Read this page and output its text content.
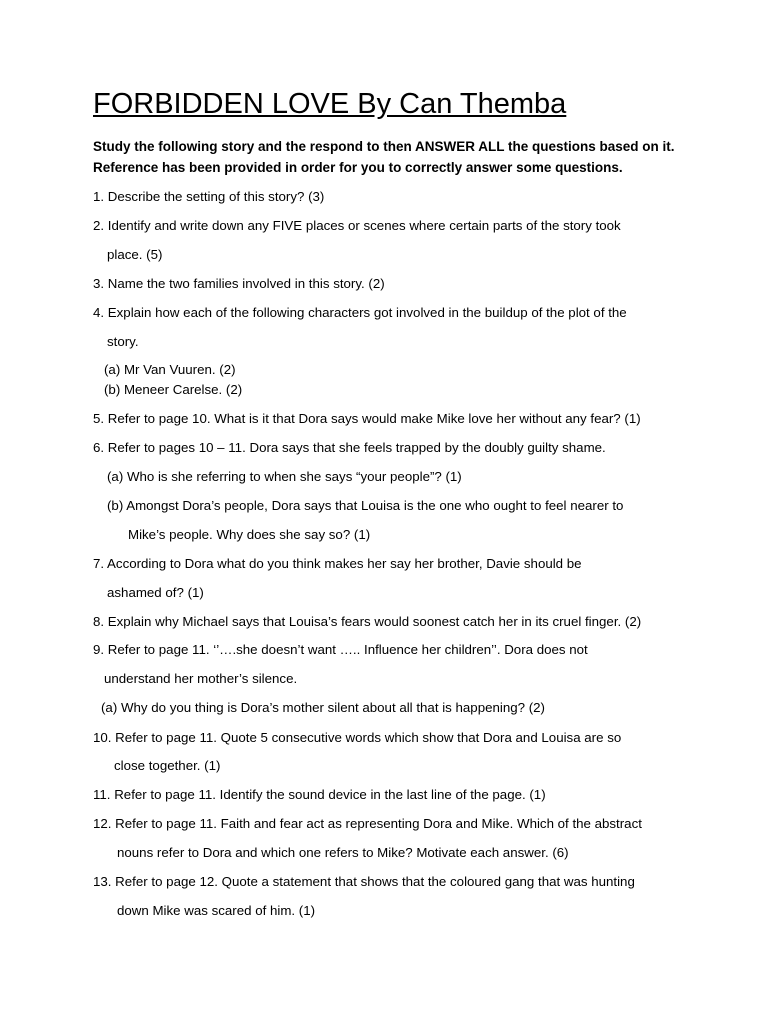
FORBIDDEN LOVE By Can Themba
Study the following story and the respond to then ANSWER ALL the questions based on it.
Reference has been provided in order for you to correctly answer some questions.
1. Describe the setting of this story? (3)
2. Identify and write down any FIVE places or scenes where certain parts of the story took
place. (5)
3. Name the two families involved in this story. (2)
4. Explain how each of the following characters got involved in the buildup of the plot of the
story.
(a) Mr Van Vuuren. (2)
(b) Meneer Carelse. (2)
5. Refer to page 10. What is it that Dora says would make Mike love her without any fear? (1)
6. Refer to pages 10 – 11. Dora says that she feels trapped by the doubly guilty shame.
(a) Who is she referring to when she says “your people”? (1)
(b) Amongst Dora’s people, Dora says that Louisa is the one who ought to feel nearer to
Mike’s people. Why does she say so? (1)
7. According to Dora what do you think makes her say her brother, Davie should be
ashamed of? (1)
8. Explain why Michael says that Louisa’s fears would soonest catch her in its cruel finger. (2)
9. Refer to page 11. ‘’….she doesn’t want ….. Influence her children’’. Dora does not
understand her mother’s silence.
(a) Why do you thing is Dora’s mother silent about all that is happening? (2)
10. Refer to page 11. Quote 5 consecutive words which show that Dora and Louisa are so
close together. (1)
11. Refer to page 11. Identify the sound device in the last line of the page. (1)
12. Refer to page 11. Faith and fear act as representing Dora and Mike. Which of the abstract
nouns refer to Dora and which one refers to Mike? Motivate each answer. (6)
13. Refer to page 12. Quote a statement that shows that the coloured gang that was hunting
down Mike was scared of him. (1)
